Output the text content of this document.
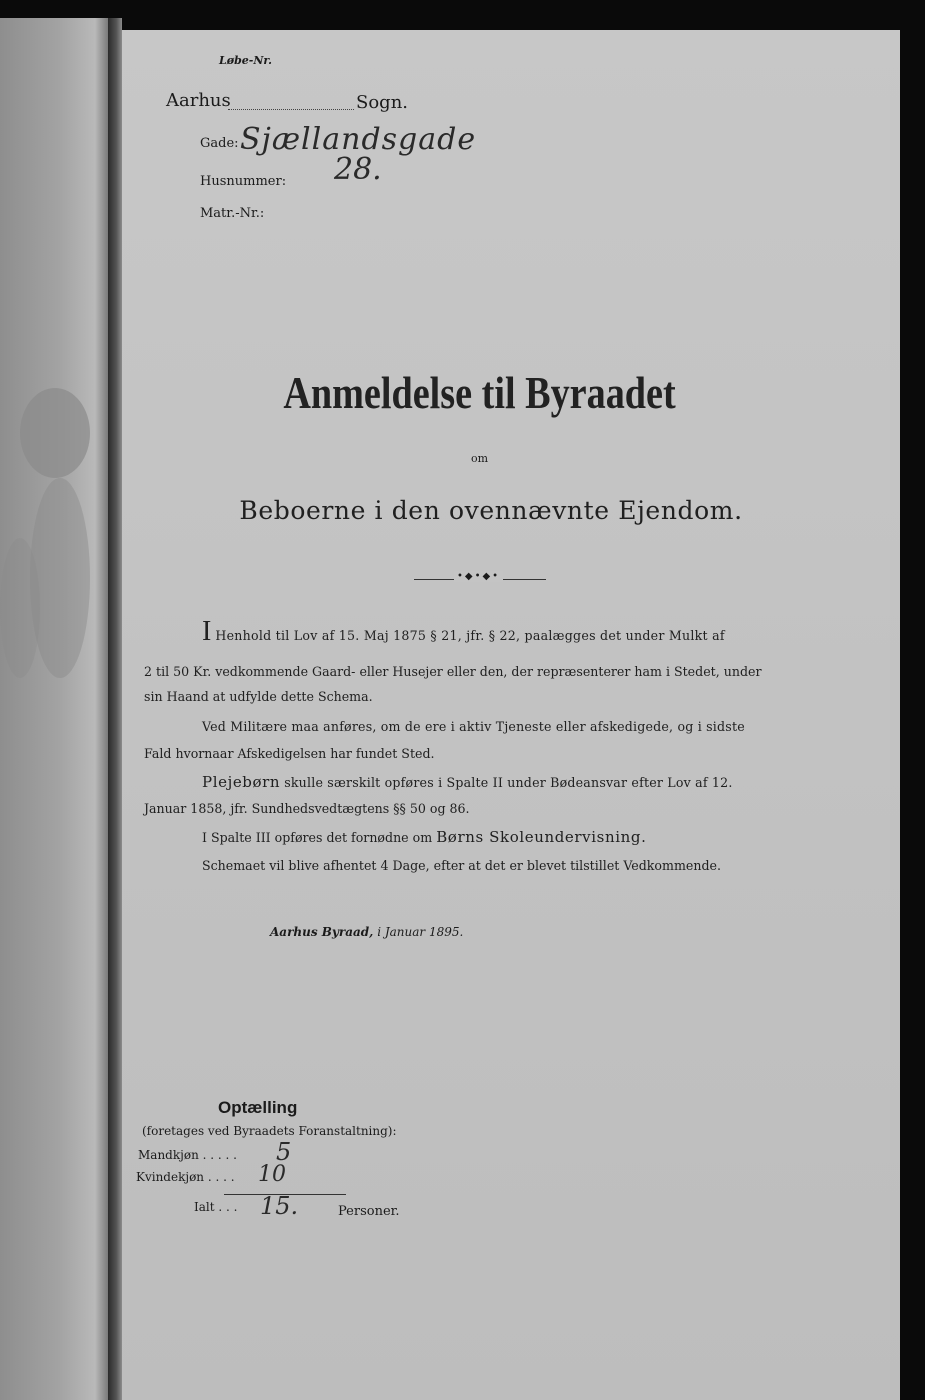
Løbe-Nr.
Aarhus	Sogn.
Gade: Sjællandsgade
Husnummer: 28.
Matr.-Nr.:
Anmeldelse til Byraadet
om
Beboerne i den ovennævnte Ejendom.
•◆•◆•
I Henhold til Lov af 15. Maj 1875 § 21, jfr. § 22, paalægges det under Mulkt af
2 til 50 Kr. vedkommende Gaard- eller Husejer eller den, der repræsenterer ham i Stedet, under
sin Haand at udfylde dette Schema.
Ved Militære maa anføres, om de ere i aktiv Tjeneste eller afskedigede, og i sidste
Fald hvornaar Afskedigelsen har fundet Sted.
Plejebørn skulle særskilt opføres i Spalte II under Bødeansvar efter Lov af 12.
Januar 1858, jfr. Sundhedsvedtægtens §§ 50 og 86.
I Spalte III opføres det fornødne om Børns Skoleundervisning.
Schemaet vil blive afhentet 4 Dage, efter at det er blevet tilstillet Vedkommende.
Aarhus Byraad, i Januar 1895.
Optælling
(foretages ved Byraadets Foranstaltning):
Mandkjøn . . . . . 5
Kvindekjøn . . . . 10
Ialt . . . 15.	Personer.
